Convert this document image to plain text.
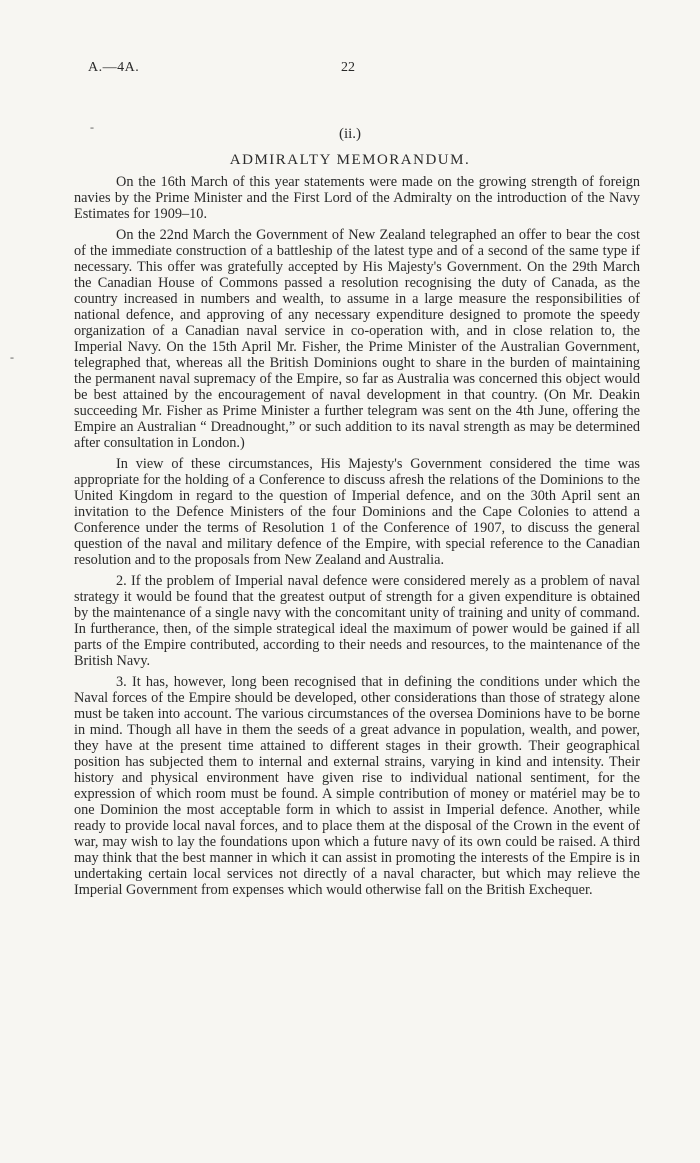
A.—4A.	22
‑
‑
(ii.)
ADMIRALTY MEMORANDUM.

On the 16th March of this year statements were made on the growing strength of foreign navies by the Prime Minister and the First Lord of the Admiralty on the introduction of the Navy Estimates for 1909–10.

On the 22nd March the Government of New Zealand telegraphed an offer to bear the cost of the immediate construction of a battleship of the latest type and of a second of the same type if necessary. This offer was gratefully accepted by His Majesty's Government. On the 29th March the Canadian House of Commons passed a resolution recognising the duty of Canada, as the country increased in numbers and wealth, to assume in a large measure the responsibilities of national defence, and approving of any necessary expenditure designed to promote the speedy organization of a Canadian naval service in co-operation with, and in close relation to, the Imperial Navy. On the 15th April Mr. Fisher, the Prime Minister of the Australian Government, telegraphed that, whereas all the British Dominions ought to share in the burden of maintaining the permanent naval supremacy of the Empire, so far as Australia was concerned this object would be best attained by the encouragement of naval development in that country. (On Mr. Deakin succeeding Mr. Fisher as Prime Minister a further telegram was sent on the 4th June, offering the Empire an Australian “ Dreadnought,” or such addition to its naval strength as may be determined after consultation in London.)

In view of these circumstances, His Majesty's Government considered the time was appropriate for the holding of a Conference to discuss afresh the relations of the Dominions to the United Kingdom in regard to the question of Imperial defence, and on the 30th April sent an invitation to the Defence Ministers of the four Dominions and the Cape Colonies to attend a Conference under the terms of Resolution 1 of the Conference of 1907, to discuss the general question of the naval and military defence of the Empire, with special reference to the Canadian resolution and to the proposals from New Zealand and Australia.

2. If the problem of Imperial naval defence were considered merely as a problem of naval strategy it would be found that the greatest output of strength for a given expenditure is obtained by the maintenance of a single navy with the concomitant unity of training and unity of command. In furtherance, then, of the simple strategical ideal the maximum of power would be gained if all parts of the Empire contributed, according to their needs and resources, to the maintenance of the British Navy.

3. It has, however, long been recognised that in defining the conditions under which the Naval forces of the Empire should be developed, other considerations than those of strategy alone must be taken into account. The various circumstances of the oversea Dominions have to be borne in mind. Though all have in them the seeds of a great advance in population, wealth, and power, they have at the present time attained to different stages in their growth. Their geographical position has subjected them to internal and external strains, varying in kind and intensity. Their history and physical environment have given rise to individual national sentiment, for the expression of which room must be found. A simple contribution of money or matériel may be to one Dominion the most acceptable form in which to assist in Imperial defence. Another, while ready to provide local naval forces, and to place them at the disposal of the Crown in the event of war, may wish to lay the foundations upon which a future navy of its own could be raised. A third may think that the best manner in which it can assist in promoting the interests of the Empire is in undertaking certain local services not directly of a naval character, but which may relieve the Imperial Government from expenses which would otherwise fall on the British Exchequer.
